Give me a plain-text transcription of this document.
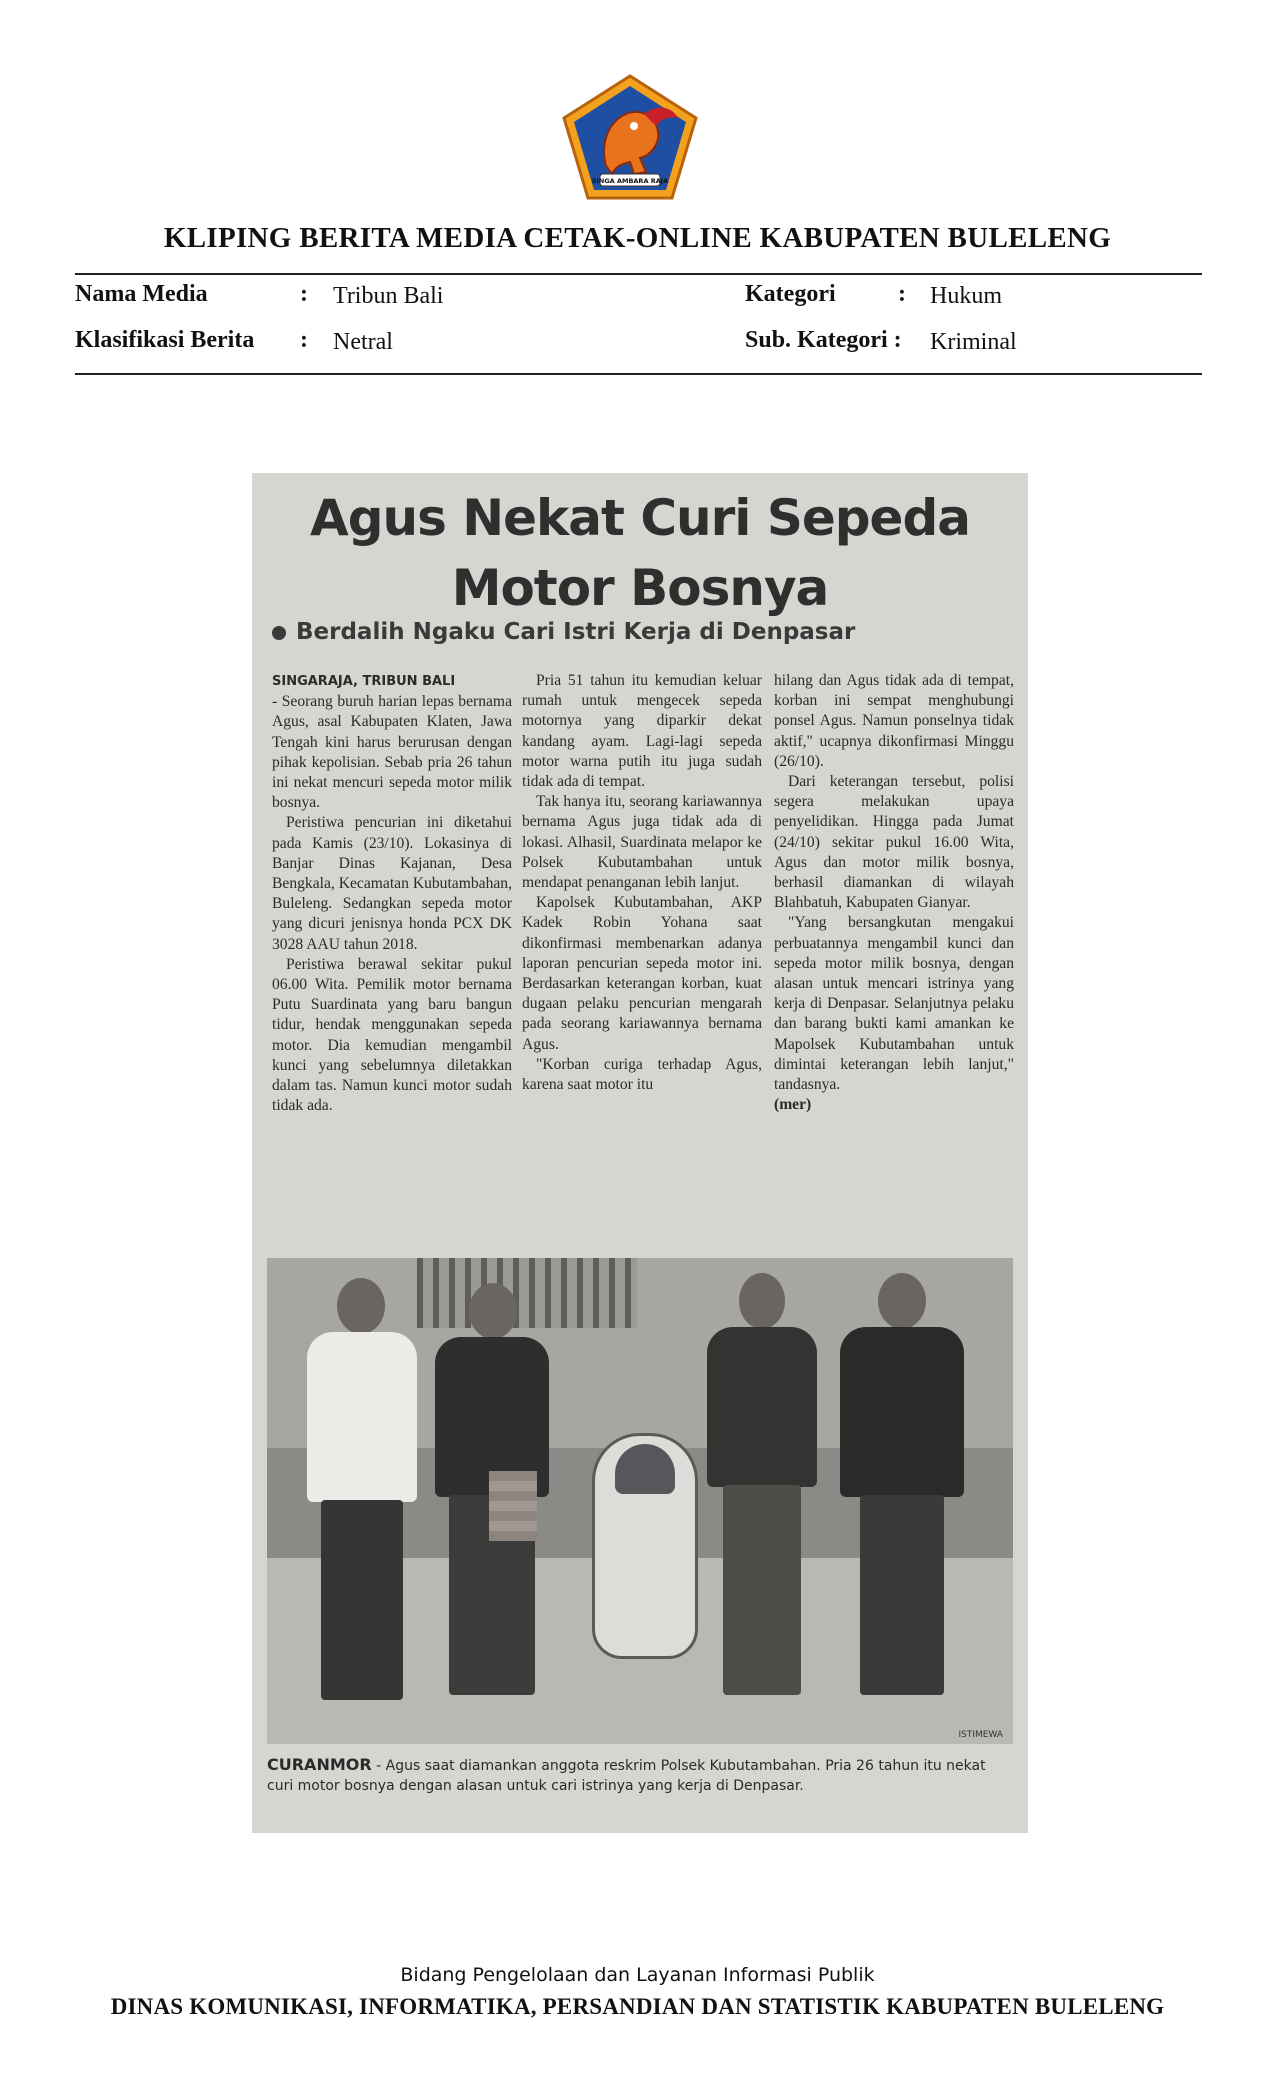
SINGA AMBARA RAJA
KLIPING BERITA MEDIA CETAK-ONLINE KABUPATEN BULELENG
Nama Media	: Tribun Bali	Kategori	: Hukum
Klasifikasi Berita : Netral	Sub. Kategori : Kriminal
Agus Nekat Curi Sepeda
Motor Bosnya
Berdalih Ngaku Cari Istri Kerja di Denpasar

SINGARAJA, TRIBUN BALI

- Seorang buruh harian lepas bernama Agus, asal Kabupaten Klaten, Jawa Tengah kini harus berurusan dengan pihak kepolisian. Sebab pria 26 tahun ini nekat mencuri sepeda motor milik bosnya.

Peristiwa pencurian ini diketahui pada Kamis (23/10). Lokasinya di Banjar Dinas Kajanan, Desa Bengkala, Kecamatan Kubutambahan, Buleleng. Sedangkan sepeda motor yang dicuri jenisnya honda PCX DK 3028 AAU tahun 2018.

Peristiwa berawal sekitar pukul 06.00 Wita. Pemilik motor bernama Putu Suardinata yang baru bangun tidur, hendak menggunakan sepeda motor. Dia kemudian mengambil kunci yang sebelumnya diletakkan dalam tas. Namun kunci motor sudah tidak ada.

Pria 51 tahun itu kemudian keluar rumah untuk mengecek sepeda motornya yang diparkir dekat kandang ayam. Lagi-lagi sepeda motor warna putih itu juga sudah tidak ada di tempat.

Tak hanya itu, seorang kariawannya bernama Agus juga tidak ada di lokasi. Alhasil, Suardinata melapor ke Polsek Kubutambahan untuk mendapat penanganan lebih lanjut.

Kapolsek Kubutambahan, AKP Kadek Robin Yohana saat dikonfirmasi membenarkan adanya laporan pencurian sepeda motor ini. Berdasarkan keterangan korban, kuat dugaan pelaku pencurian mengarah pada seorang kariawannya bernama Agus.

"Korban curiga terhadap Agus, karena saat motor itu

hilang dan Agus tidak ada di tempat, korban ini sempat menghubungi ponsel Agus. Namun ponselnya tidak aktif," ucapnya dikonfirmasi Minggu (26/10).

Dari keterangan tersebut, polisi segera melakukan upaya penyelidikan. Hingga pada Jumat (24/10) sekitar pukul 16.00 Wita, Agus dan motor milik bosnya, berhasil diamankan di wilayah Blahbatuh, Kabupaten Gianyar.

"Yang bersangkutan mengakui perbuatannya mengambil kunci dan sepeda motor milik bosnya, dengan alasan untuk mencari istrinya yang kerja di Denpasar. Selanjutnya pelaku dan barang bukti kami amankan ke Mapolsek Kubutambahan untuk dimintai keterangan lebih lanjut," tandasnya.

(mer)

ISTIMEWA
CURANMOR - Agus saat diamankan anggota reskrim Polsek Kubutambahan. Pria 26 tahun itu nekat curi motor bosnya dengan alasan untuk cari istrinya yang kerja di Denpasar.
Bidang Pengelolaan dan Layanan Informasi Publik
DINAS KOMUNIKASI, INFORMATIKA, PERSANDIAN DAN STATISTIK KABUPATEN BULELENG
